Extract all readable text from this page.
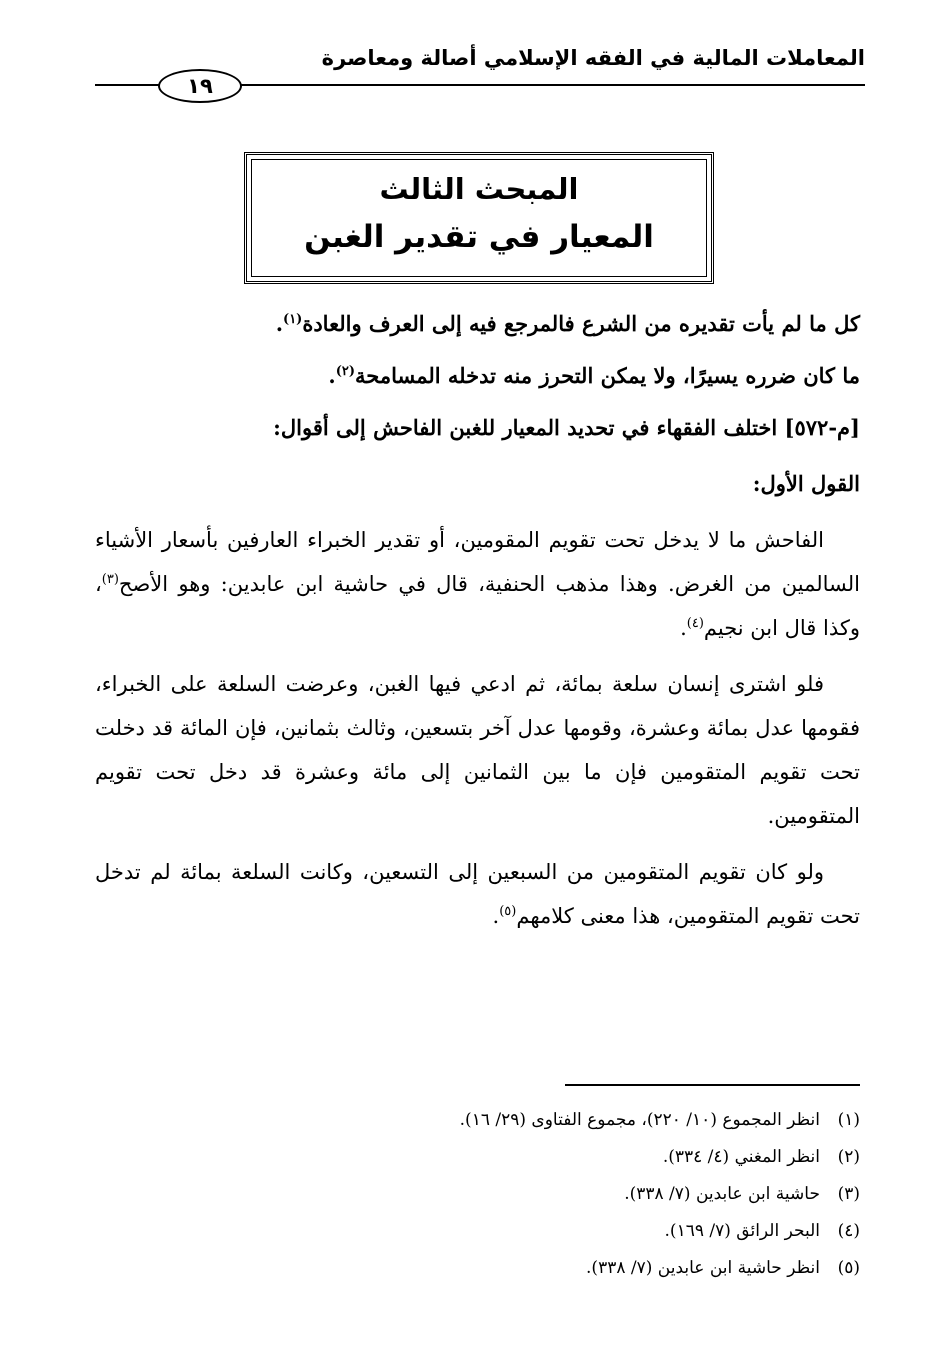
المعاملات المالية في الفقه الإسلامي أصالة ومعاصرة
١٩
المبحث الثالث
المعيار في تقدير الغبن

كل ما لم يأت تقديره من الشرع فالمرجع فيه إلى العرف والعادة$^{(١)}$.

ما كان ضرره يسيرًا، ولا يمكن التحرز منه تدخله المسامحة$^{(٢)}$.

[م-٥٧٢] اختلف الفقهاء في تحديد المعيار للغبن الفاحش إلى أقوال:

القول الأول:

الفاحش ما لا يدخل تحت تقويم المقومين، أو تقدير الخبراء العارفين بأسعار الأشياء السالمين من الغرض. وهذا مذهب الحنفية، قال في حاشية ابن عابدين: وهو الأصح$^{(٣)}$، وكذا قال ابن نجيم$^{(٤)}$.

فلو اشترى إنسان سلعة بمائة، ثم ادعي فيها الغبن، وعرضت السلعة على الخبراء، فقومها عدل بمائة وعشرة، وقومها عدل آخر بتسعين، وثالث بثمانين، فإن المائة قد دخلت تحت تقويم المتقومين فإن ما بين الثمانين إلى مائة وعشرة قد دخل تحت تقويم المتقومين.

ولو كان تقويم المتقومين من السبعين إلى التسعين، وكانت السلعة بمائة لم تدخل تحت تقويم المتقومين، هذا معنى كلامهم$^{(٥)}$.

(١)انظر المجموع (١٠/ ٢٢٠)، مجموع الفتاوى (٢٩/ ١٦).
(٢)انظر المغني (٤/ ٣٣٤).
(٣)حاشية ابن عابدين (٧/ ٣٣٨).
(٤)البحر الرائق (٧/ ١٦٩).
(٥)انظر حاشية ابن عابدين (٧/ ٣٣٨).
